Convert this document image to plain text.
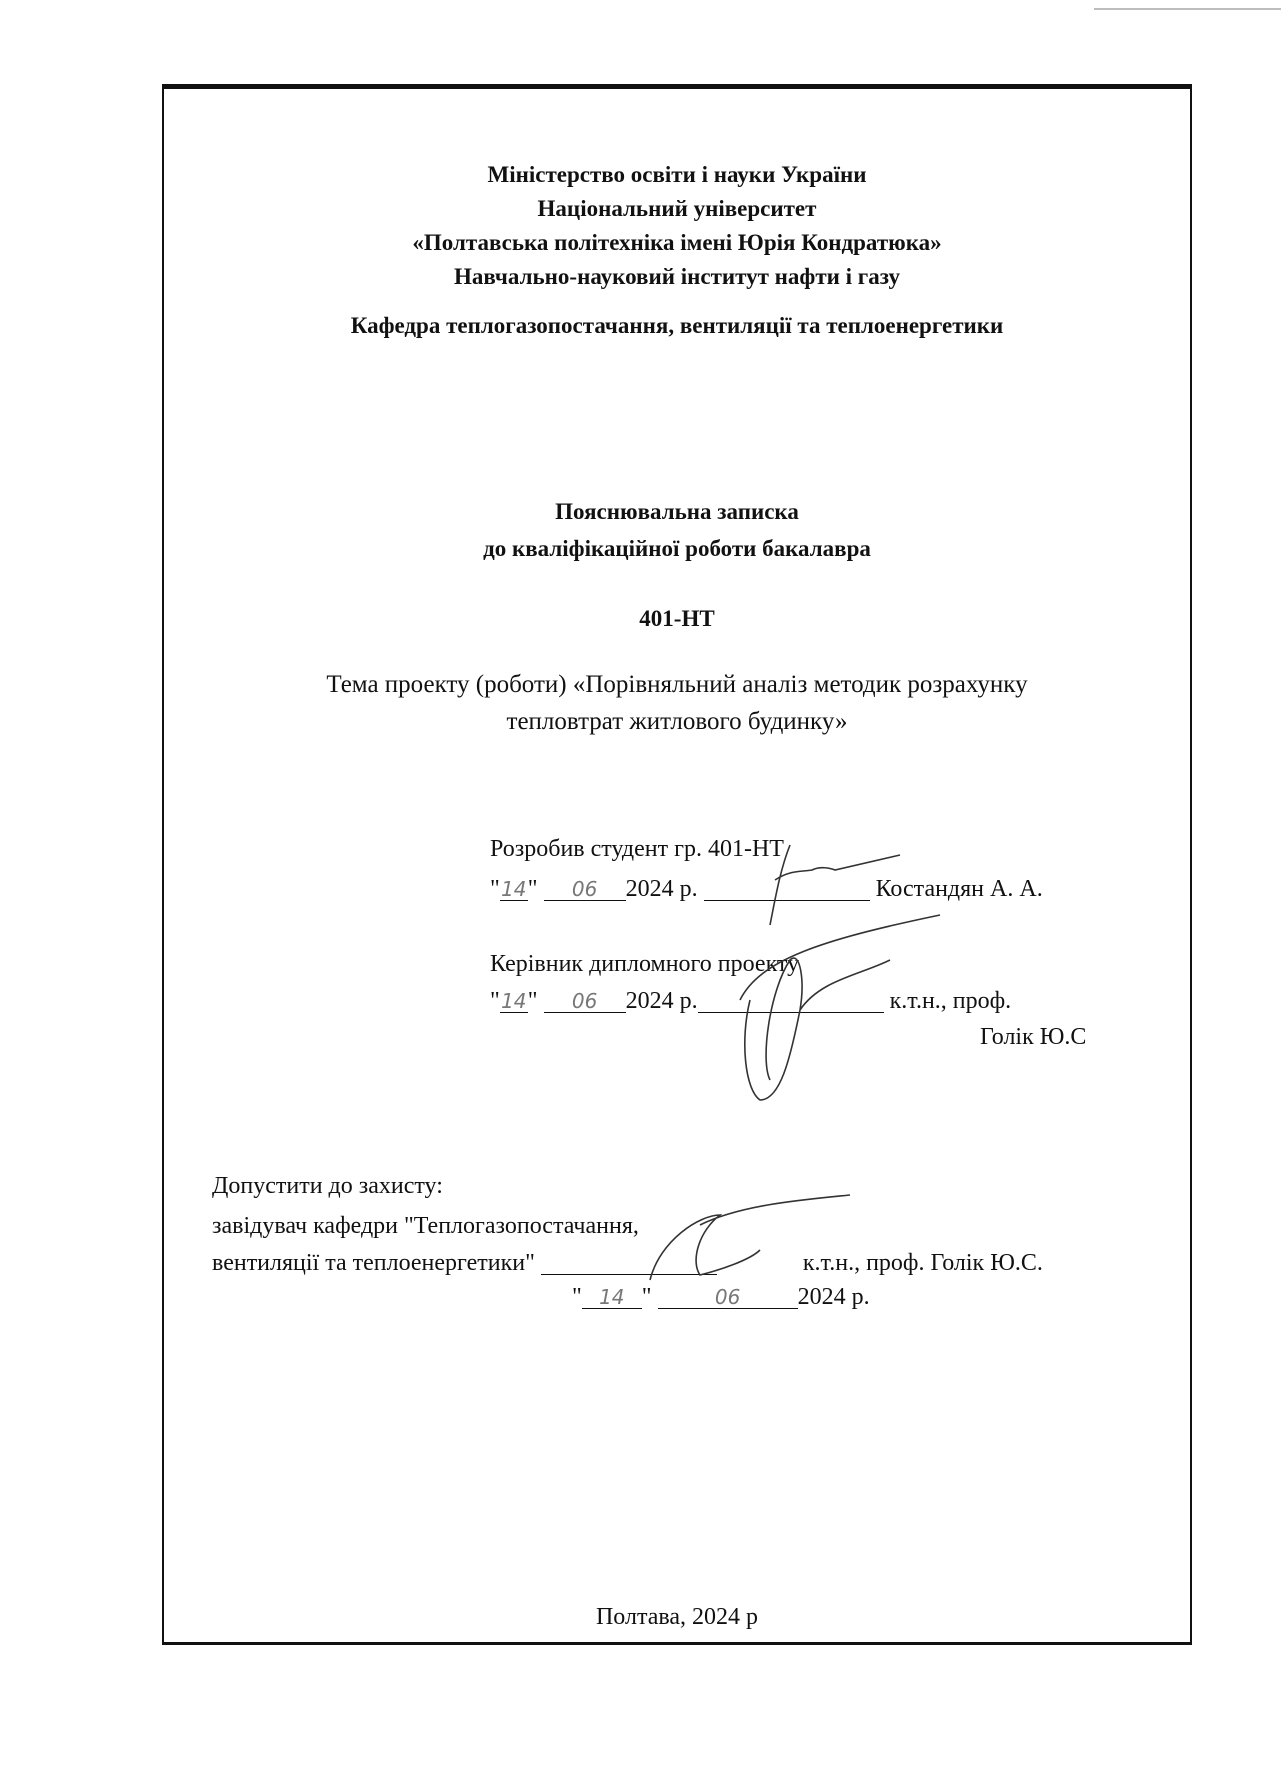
Міністерство освіти і науки України
Національний університет
«Полтавська політехніка імені Юрія Кондратюка»
Навчально-науковий інститут нафти і газу
Кафедра теплогазопостачання, вентиляції та теплоенергетики
Пояснювальна записка
до кваліфікаційної роботи бакалавра
401-НТ
Тема проекту (роботи) «Порівняльний аналіз методик розрахунку
тепловтрат житлового будинку»
Розробив студент гр. 401-НТ
"14" 06 2024 р.	Костандян А. А.
Керівник дипломного проекту
"14" 06 2024 р.	к.т.н., проф.
Голік Ю.С
Допустити до захисту:
завідувач кафедри "Теплогазопостачання,
вентиляції та теплоенергетики"	к.т.н., проф. Голік Ю.С.
" 14 "	06 2024 р.
Полтава, 2024 р
